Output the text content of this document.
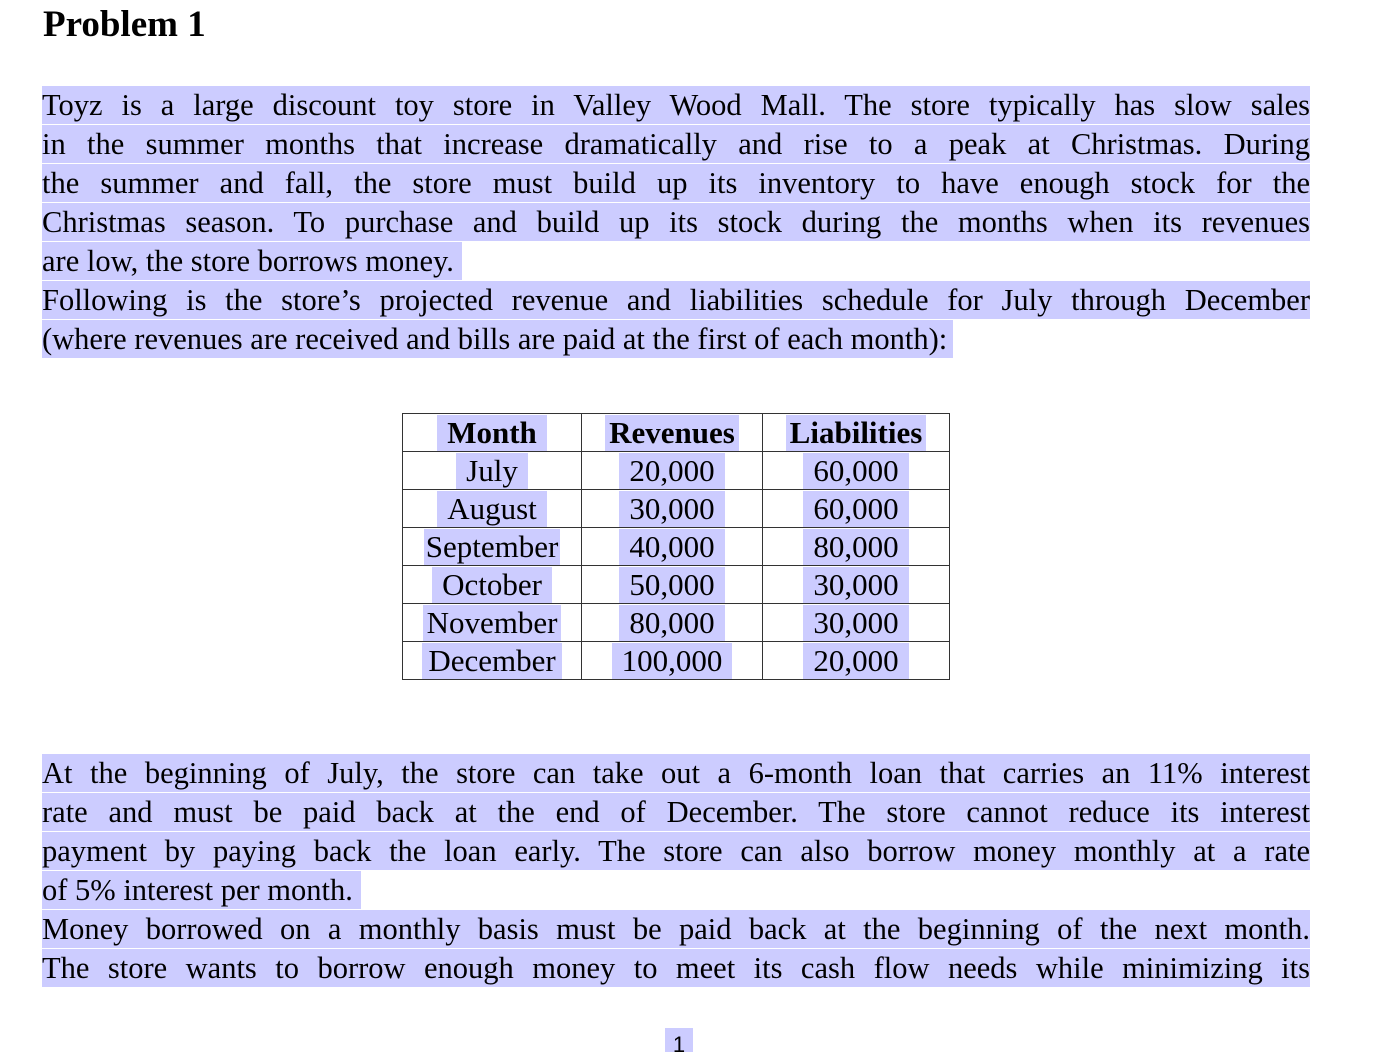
Problem 1
Toyz is a large discount toy store in Valley Wood Mall. The store typically has slow sales
in the summer months that increase dramatically and rise to a peak at Christmas. During
the summer and fall, the store must build up its inventory to have enough stock for the
Christmas season. To purchase and build up its stock during the months when its revenues
are low, the store borrows money.
Following is the store’s projected revenue and liabilities schedule for July through December
(where revenues are received and bills are paid at the first of each month):
Month	Revenues	Liabilities
July	20,000	60,000
August	30,000	60,000
September	40,000	80,000
October	50,000	30,000
November	80,000	30,000
December	100,000	20,000
At the beginning of July, the store can take out a 6-month loan that carries an 11% interest
rate and must be paid back at the end of December. The store cannot reduce its interest
payment by paying back the loan early. The store can also borrow money monthly at a rate
of 5% interest per month.
Money borrowed on a monthly basis must be paid back at the beginning of the next month.
The store wants to borrow enough money to meet its cash flow needs while minimizing its
1
